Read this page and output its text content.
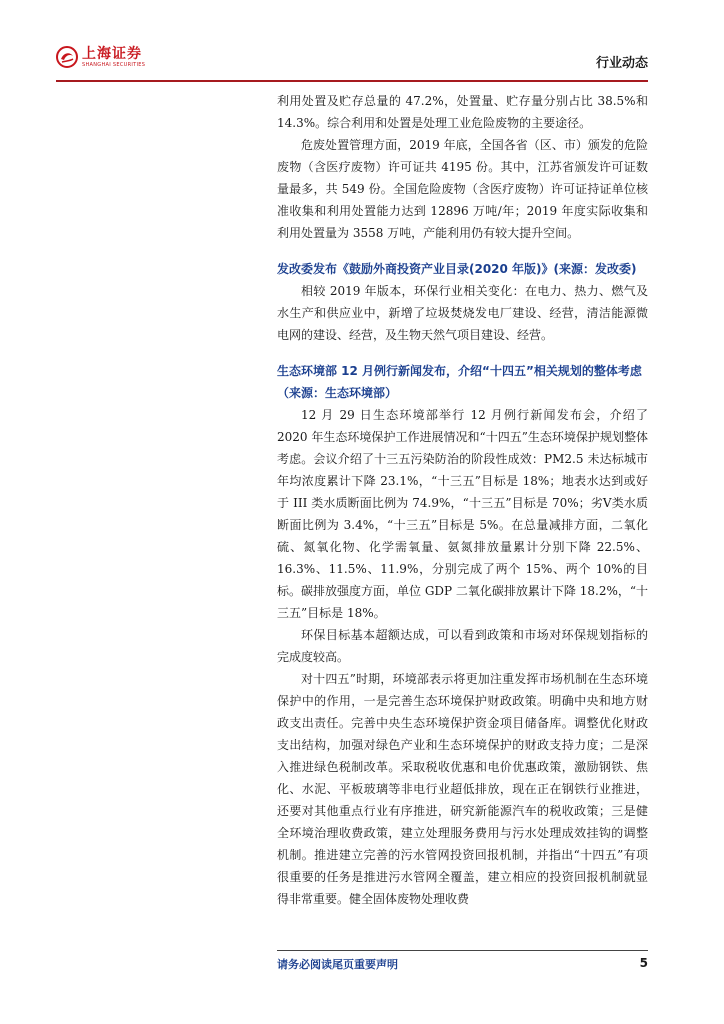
上海证券
SHANGHAI SECURITIES	行业动态

利用处置及贮存总量的 47.2%，处置量、贮存量分别占比 38.5%和 14.3%。综合利用和处置是处理工业危险废物的主要途径。

危废处置管理方面，2019 年底，全国各省（区、市）颁发的危险废物（含医疗废物）许可证共 4195 份。其中，江苏省颁发许可证数量最多，共 549 份。全国危险废物（含医疗废物）许可证持证单位核准收集和利用处置能力达到 12896 万吨/年；2019 年度实际收集和利用处置量为 3558 万吨，产能利用仍有较大提升空间。

发改委发布《鼓励外商投资产业目录(2020 年版)》(来源：发改委)

相较 2019 年版本，环保行业相关变化：在电力、热力、燃气及水生产和供应业中，新增了垃圾焚烧发电厂建设、经营，清洁能源微电网的建设、经营，及生物天然气项目建设、经营。

生态环境部 12 月例行新闻发布，介绍“十四五”相关规划的整体考虑（来源：生态环境部）

12 月 29 日生态环境部举行 12 月例行新闻发布会，介绍了 2020 年生态环境保护工作进展情况和“十四五”生态环境保护规划整体考虑。会议介绍了十三五污染防治的阶段性成效：PM2.5 未达标城市年均浓度累计下降 23.1%，“十三五”目标是 18%；地表水达到或好于 III 类水质断面比例为 74.9%，“十三五”目标是 70%；劣Ⅴ类水质断面比例为 3.4%，“十三五”目标是 5%。在总量减排方面，二氧化硫、氮氧化物、化学需氧量、氨氮排放量累计分别下降 22.5%、16.3%、11.5%、11.9%，分别完成了两个 15%、两个 10%的目标。碳排放强度方面，单位 GDP 二氧化碳排放累计下降 18.2%，“十三五”目标是 18%。

环保目标基本超额达成，可以看到政策和市场对环保规划指标的完成度较高。

对十四五”时期，环境部表示将更加注重发挥市场机制在生态环境保护中的作用，一是完善生态环境保护财政政策。明确中央和地方财政支出责任。完善中央生态环境保护资金项目储备库。调整优化财政支出结构，加强对绿色产业和生态环境保护的财政支持力度；二是深入推进绿色税制改革。采取税收优惠和电价优惠政策，激励钢铁、焦化、水泥、平板玻璃等非电行业超低排放，现在正在钢铁行业推进，还要对其他重点行业有序推进，研究新能源汽车的税收政策；三是健全环境治理收费政策，建立处理服务费用与污水处理成效挂钩的调整机制。推进建立完善的污水管网投资回报机制，并指出“十四五”有项很重要的任务是推进污水管网全覆盖，建立相应的投资回报机制就显得非常重要。健全固体废物处理收费

请务必阅读尾页重要声明	5
